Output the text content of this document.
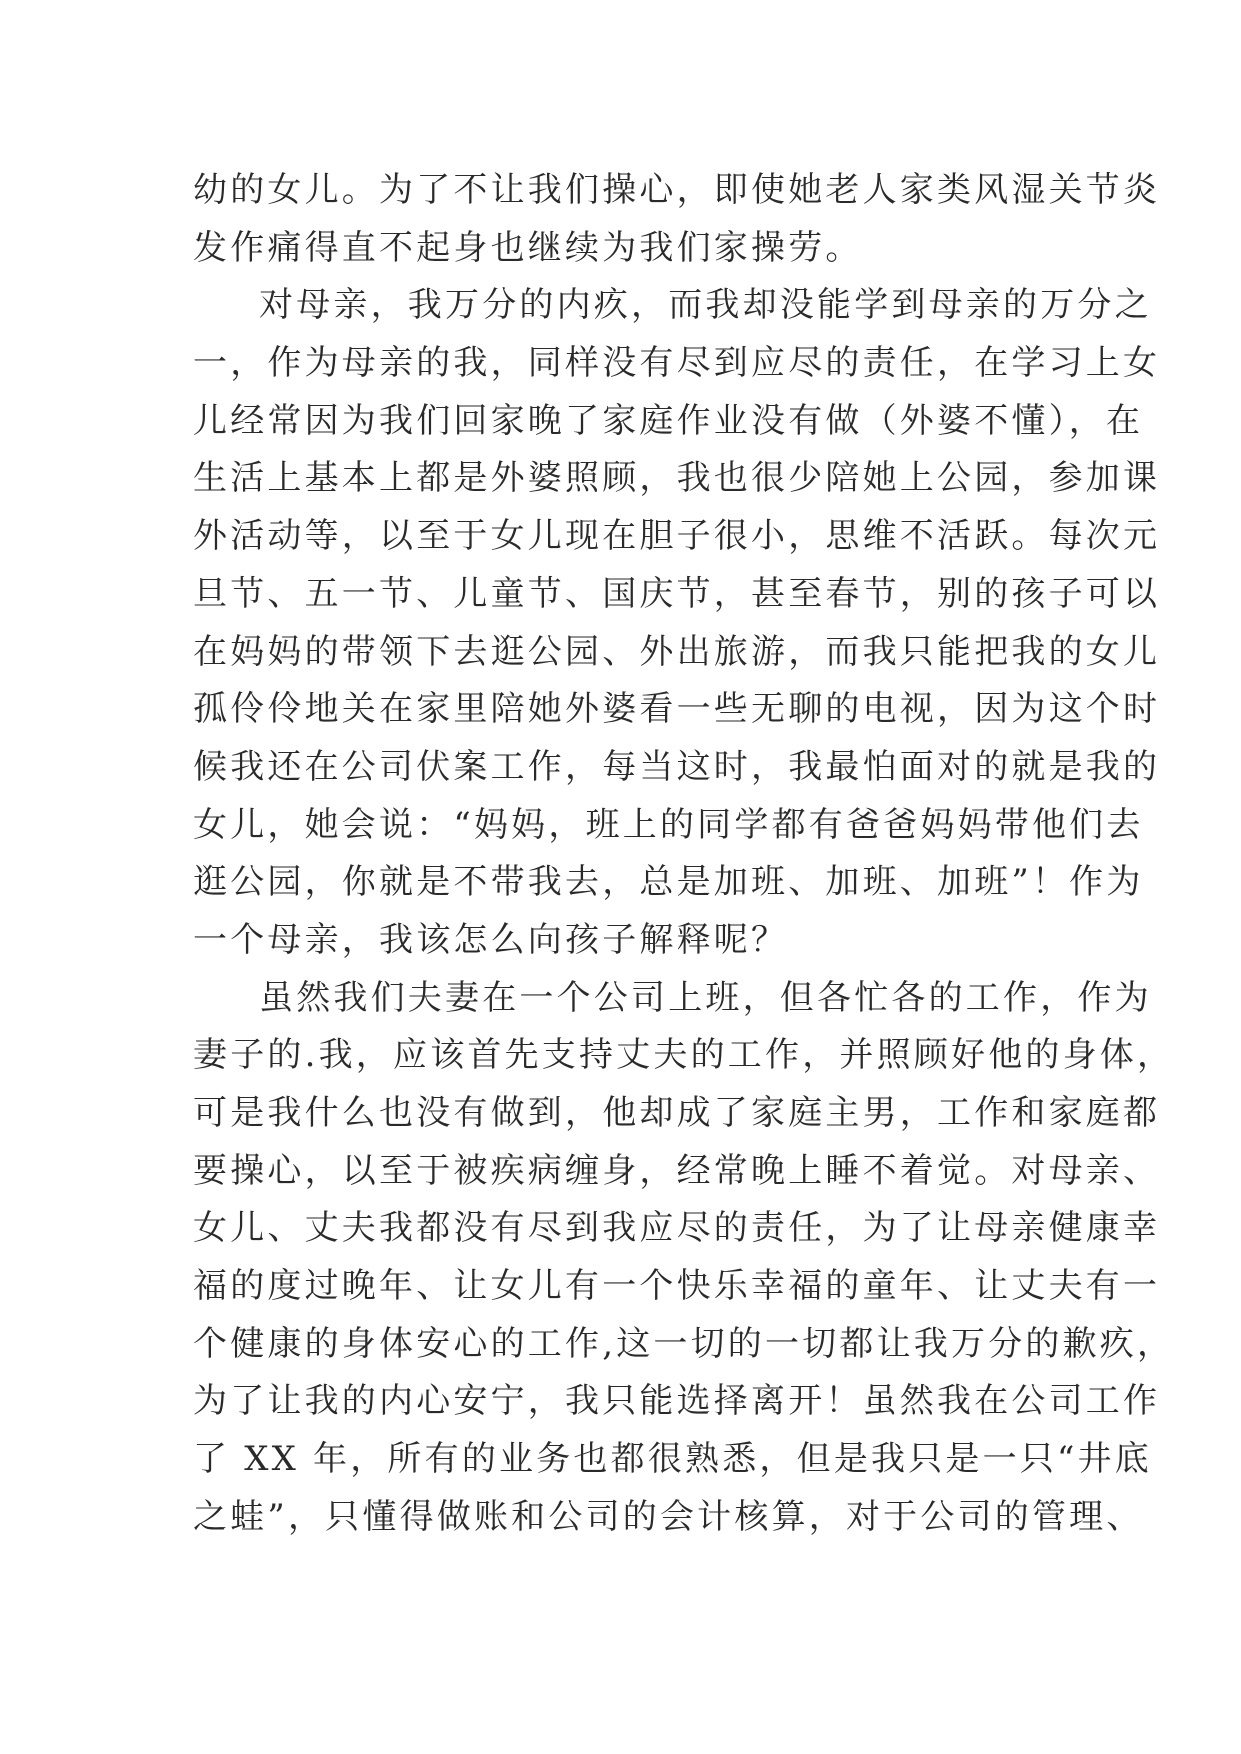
幼的女儿。为了不让我们操心，即使她老人家类风湿关节炎
发作痛得直不起身也继续为我们家操劳。
对母亲，我万分的内疚，而我却没能学到母亲的万分之
一，作为母亲的我，同样没有尽到应尽的责任，在学习上女
儿经常因为我们回家晚了家庭作业没有做（外婆不懂），在
生活上基本上都是外婆照顾，我也很少陪她上公园，参加课
外活动等，以至于女儿现在胆子很小，思维不活跃。每次元
旦节、五一节、儿童节、国庆节，甚至春节，别的孩子可以
在妈妈的带领下去逛公园、外出旅游，而我只能把我的女儿
孤伶伶地关在家里陪她外婆看一些无聊的电视，因为这个时
候我还在公司伏案工作，每当这时，我最怕面对的就是我的
女儿，她会说：“妈妈，班上的同学都有爸爸妈妈带他们去
逛公园，你就是不带我去，总是加班、加班、加班”！作为
一个母亲，我该怎么向孩子解释呢？
虽然我们夫妻在一个公司上班，但各忙各的工作，作为
妻子的.我，应该首先支持丈夫的工作，并照顾好他的身体，
可是我什么也没有做到，他却成了家庭主男，工作和家庭都
要操心，以至于被疾病缠身，经常晚上睡不着觉。对母亲、
女儿、丈夫我都没有尽到我应尽的责任，为了让母亲健康幸
福的度过晚年、让女儿有一个快乐幸福的童年、让丈夫有一
个健康的身体安心的工作,这一切的一切都让我万分的歉疚，
为了让我的内心安宁，我只能选择离开！虽然我在公司工作
了 XX 年，所有的业务也都很熟悉，但是我只是一只“井底
之蛙”，只懂得做账和公司的会计核算，对于公司的管理、
